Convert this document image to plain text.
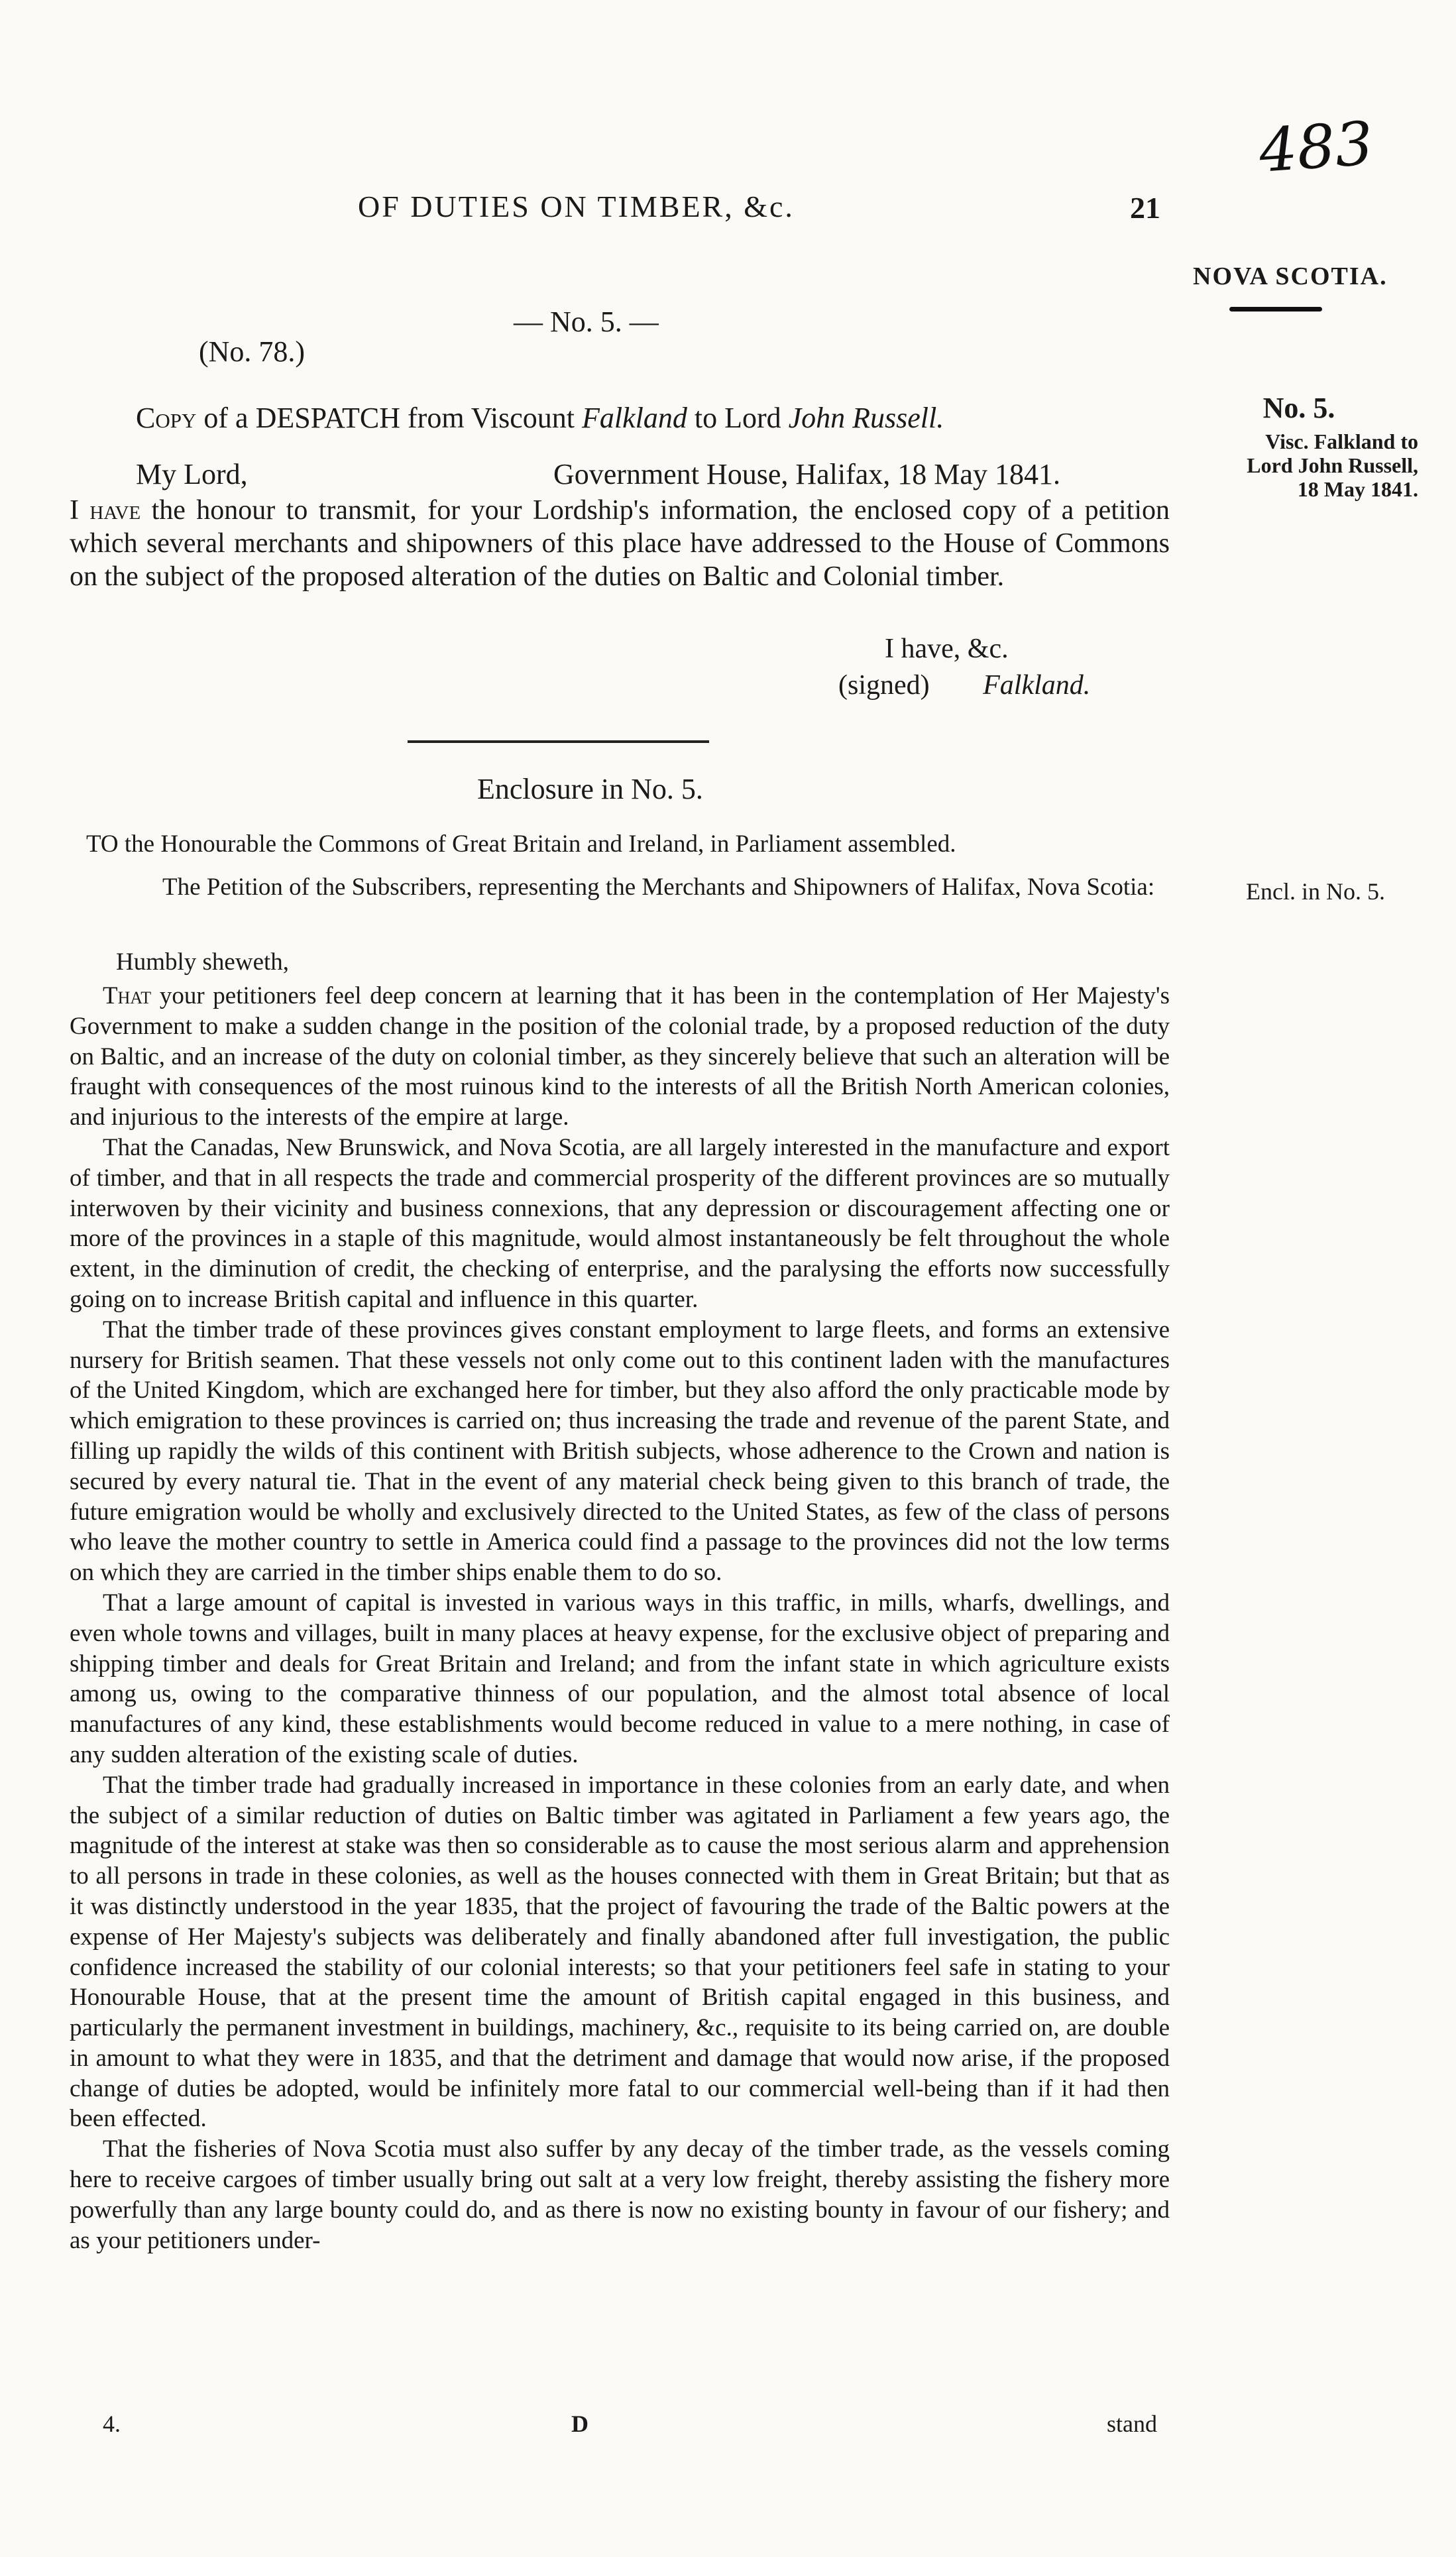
483
OF DUTIES ON TIMBER, &c.	21
NOVA SCOTIA.
— No. 5. —
(No. 78.)
Copy of a DESPATCH from Viscount Falkland to Lord John Russell.	No. 5.
Visc. Falkland to
Lord John Russell,
18 May 1841.
My Lord,	Government House, Halifax, 18 May 1841.
I have the honour to transmit, for your Lordship's information, the enclosed copy of a petition which several merchants and shipowners of this place have addressed to the House of Commons on the subject of the proposed alteration of the duties on Baltic and Colonial timber.
I have, &c.
(signed) Falkland.
Enclosure in No. 5.
TO the Honourable the Commons of Great Britain and Ireland, in Parliament assembled.
The Petition of the Subscribers, representing the Merchants and Shipowners of Halifax, Nova Scotia:	Encl. in No. 5.
Humbly sheweth,

That your petitioners feel deep concern at learning that it has been in the contemplation of Her Majesty's Government to make a sudden change in the position of the colonial trade, by a proposed reduction of the duty on Baltic, and an increase of the duty on colonial timber, as they sincerely believe that such an alteration will be fraught with consequences of the most ruinous kind to the interests of all the British North American colonies, and injurious to the interests of the empire at large.

That the Canadas, New Brunswick, and Nova Scotia, are all largely interested in the manufacture and export of timber, and that in all respects the trade and commercial prosperity of the different provinces are so mutually interwoven by their vicinity and business connexions, that any depression or discouragement affecting one or more of the provinces in a staple of this magnitude, would almost instantaneously be felt throughout the whole extent, in the diminution of credit, the checking of enterprise, and the paralysing the efforts now successfully going on to increase British capital and influence in this quarter.

That the timber trade of these provinces gives constant employment to large fleets, and forms an extensive nursery for British seamen. That these vessels not only come out to this continent laden with the manufactures of the United Kingdom, which are exchanged here for timber, but they also afford the only practicable mode by which emigration to these provinces is carried on; thus increasing the trade and revenue of the parent State, and filling up rapidly the wilds of this continent with British subjects, whose adherence to the Crown and nation is secured by every natural tie. That in the event of any material check being given to this branch of trade, the future emigration would be wholly and exclusively directed to the United States, as few of the class of persons who leave the mother country to settle in America could find a passage to the provinces did not the low terms on which they are carried in the timber ships enable them to do so.

That a large amount of capital is invested in various ways in this traffic, in mills, wharfs, dwellings, and even whole towns and villages, built in many places at heavy expense, for the exclusive object of preparing and shipping timber and deals for Great Britain and Ireland; and from the infant state in which agriculture exists among us, owing to the comparative thinness of our population, and the almost total absence of local manufactures of any kind, these establishments would become reduced in value to a mere nothing, in case of any sudden alteration of the existing scale of duties.

That the timber trade had gradually increased in importance in these colonies from an early date, and when the subject of a similar reduction of duties on Baltic timber was agitated in Parliament a few years ago, the magnitude of the interest at stake was then so considerable as to cause the most serious alarm and apprehension to all persons in trade in these colonies, as well as the houses connected with them in Great Britain; but that as it was distinctly understood in the year 1835, that the project of favouring the trade of the Baltic powers at the expense of Her Majesty's subjects was deliberately and finally abandoned after full investigation, the public confidence increased the stability of our colonial interests; so that your petitioners feel safe in stating to your Honourable House, that at the present time the amount of British capital engaged in this business, and particularly the permanent investment in buildings, machinery, &c., requisite to its being carried on, are double in amount to what they were in 1835, and that the detriment and damage that would now arise, if the proposed change of duties be adopted, would be infinitely more fatal to our commercial well-being than if it had then been effected.

That the fisheries of Nova Scotia must also suffer by any decay of the timber trade, as the vessels coming here to receive cargoes of timber usually bring out salt at a very low freight, thereby assisting the fishery more powerfully than any large bounty could do, and as there is now no existing bounty in favour of our fishery; and as your petitioners under-

4.	D	stand
